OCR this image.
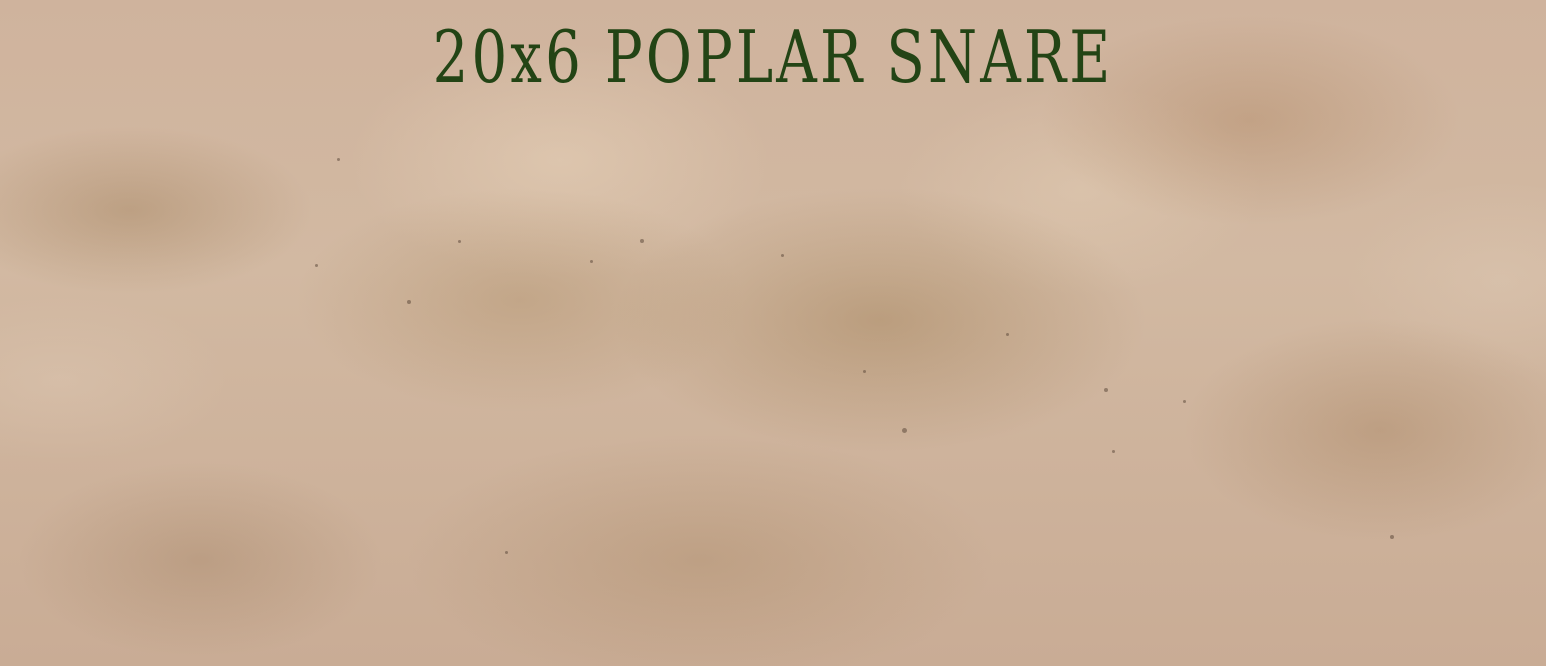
20x6 POPLAR SNARE
